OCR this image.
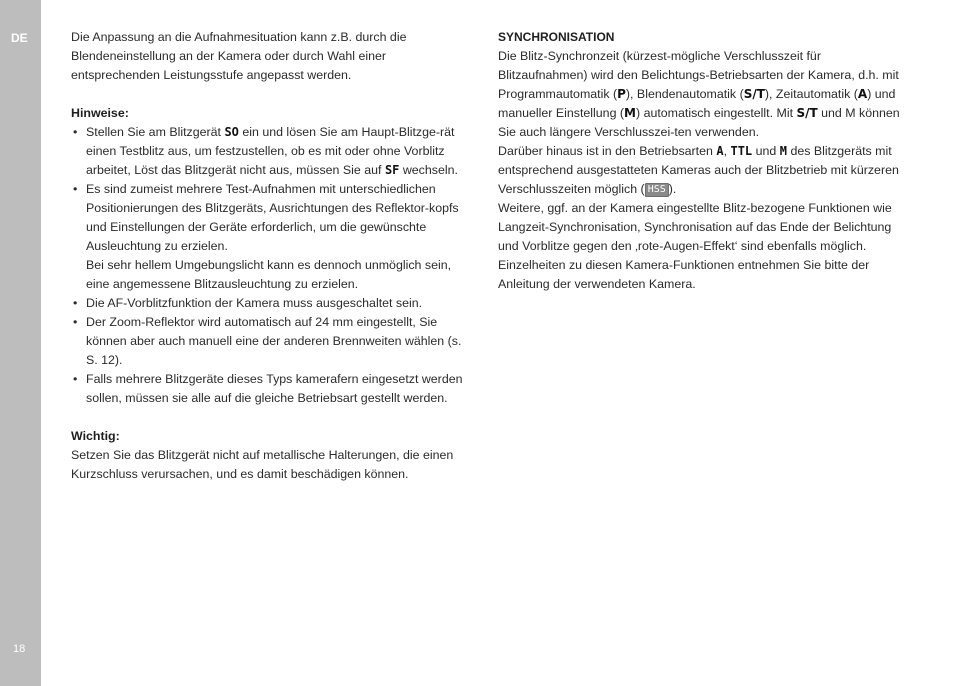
DE
18

Die Anpassung an die Aufnahmesituation kann z.B. durch die Blendeneinstellung an der Kamera oder durch Wahl einer entsprechenden Leistungsstufe angepasst werden.

Hinweise:

• Stellen Sie am Blitzgerät SO ein und lösen Sie am Haupt-Blitzge-rät einen Testblitz aus, um festzustellen, ob es mit oder ohne Vorblitz arbeitet, Löst das Blitzgerät nicht aus, müssen Sie auf SF wechseln.
• Es sind zumeist mehrere Test-Aufnahmen mit unterschiedlichen Positionierungen des Blitzgeräts, Ausrichtungen des Reflektor-kopfs und Einstellungen der Geräte erforderlich, um die gewünschte Ausleuchtung zu erzielen.
Bei sehr hellem Umgebungslicht kann es dennoch unmöglich sein, eine angemessene Blitzausleuchtung zu erzielen.
• Die AF-Vorblitzfunktion der Kamera muss ausgeschaltet sein.
• Der Zoom-Reflektor wird automatisch auf 24 mm eingestellt, Sie können aber auch manuell eine der anderen Brennweiten wählen (s. S. 12).
• Falls mehrere Blitzgeräte dieses Typs kamerafern eingesetzt werden sollen, müssen sie alle auf die gleiche Betriebsart gestellt werden.

Wichtig:

Setzen Sie das Blitzgerät nicht auf metallische Halterungen, die einen Kurzschluss verursachen, und es damit beschädigen können.

SYNCHRONISATION

Die Blitz-Synchronzeit (kürzest-mögliche Verschlusszeit für Blitzaufnahmen) wird den Belichtungs-Betriebsarten der Kamera, d.h. mit Programmautomatik (P), Blendenautomatik (S/T), Zeitautomatik (A) und manueller Einstellung (M) automatisch eingestellt. Mit S/T und M können Sie auch längere Verschlusszei-ten verwenden.

Darüber hinaus ist in den Betriebsarten A, TTL und M des Blitzgeräts mit entsprechend ausgestatteten Kameras auch der Blitzbetrieb mit kürzeren Verschlusszeiten möglich ( HSS ).

Weitere, ggf. an der Kamera eingestellte Blitz-bezogene Funktionen wie Langzeit-Synchronisation, Synchronisation auf das Ende der Belichtung und Vorblitze gegen den ‚rote-Augen-Effekt‘ sind ebenfalls möglich.

Einzelheiten zu diesen Kamera-Funktionen entnehmen Sie bitte der Anleitung der verwendeten Kamera.
